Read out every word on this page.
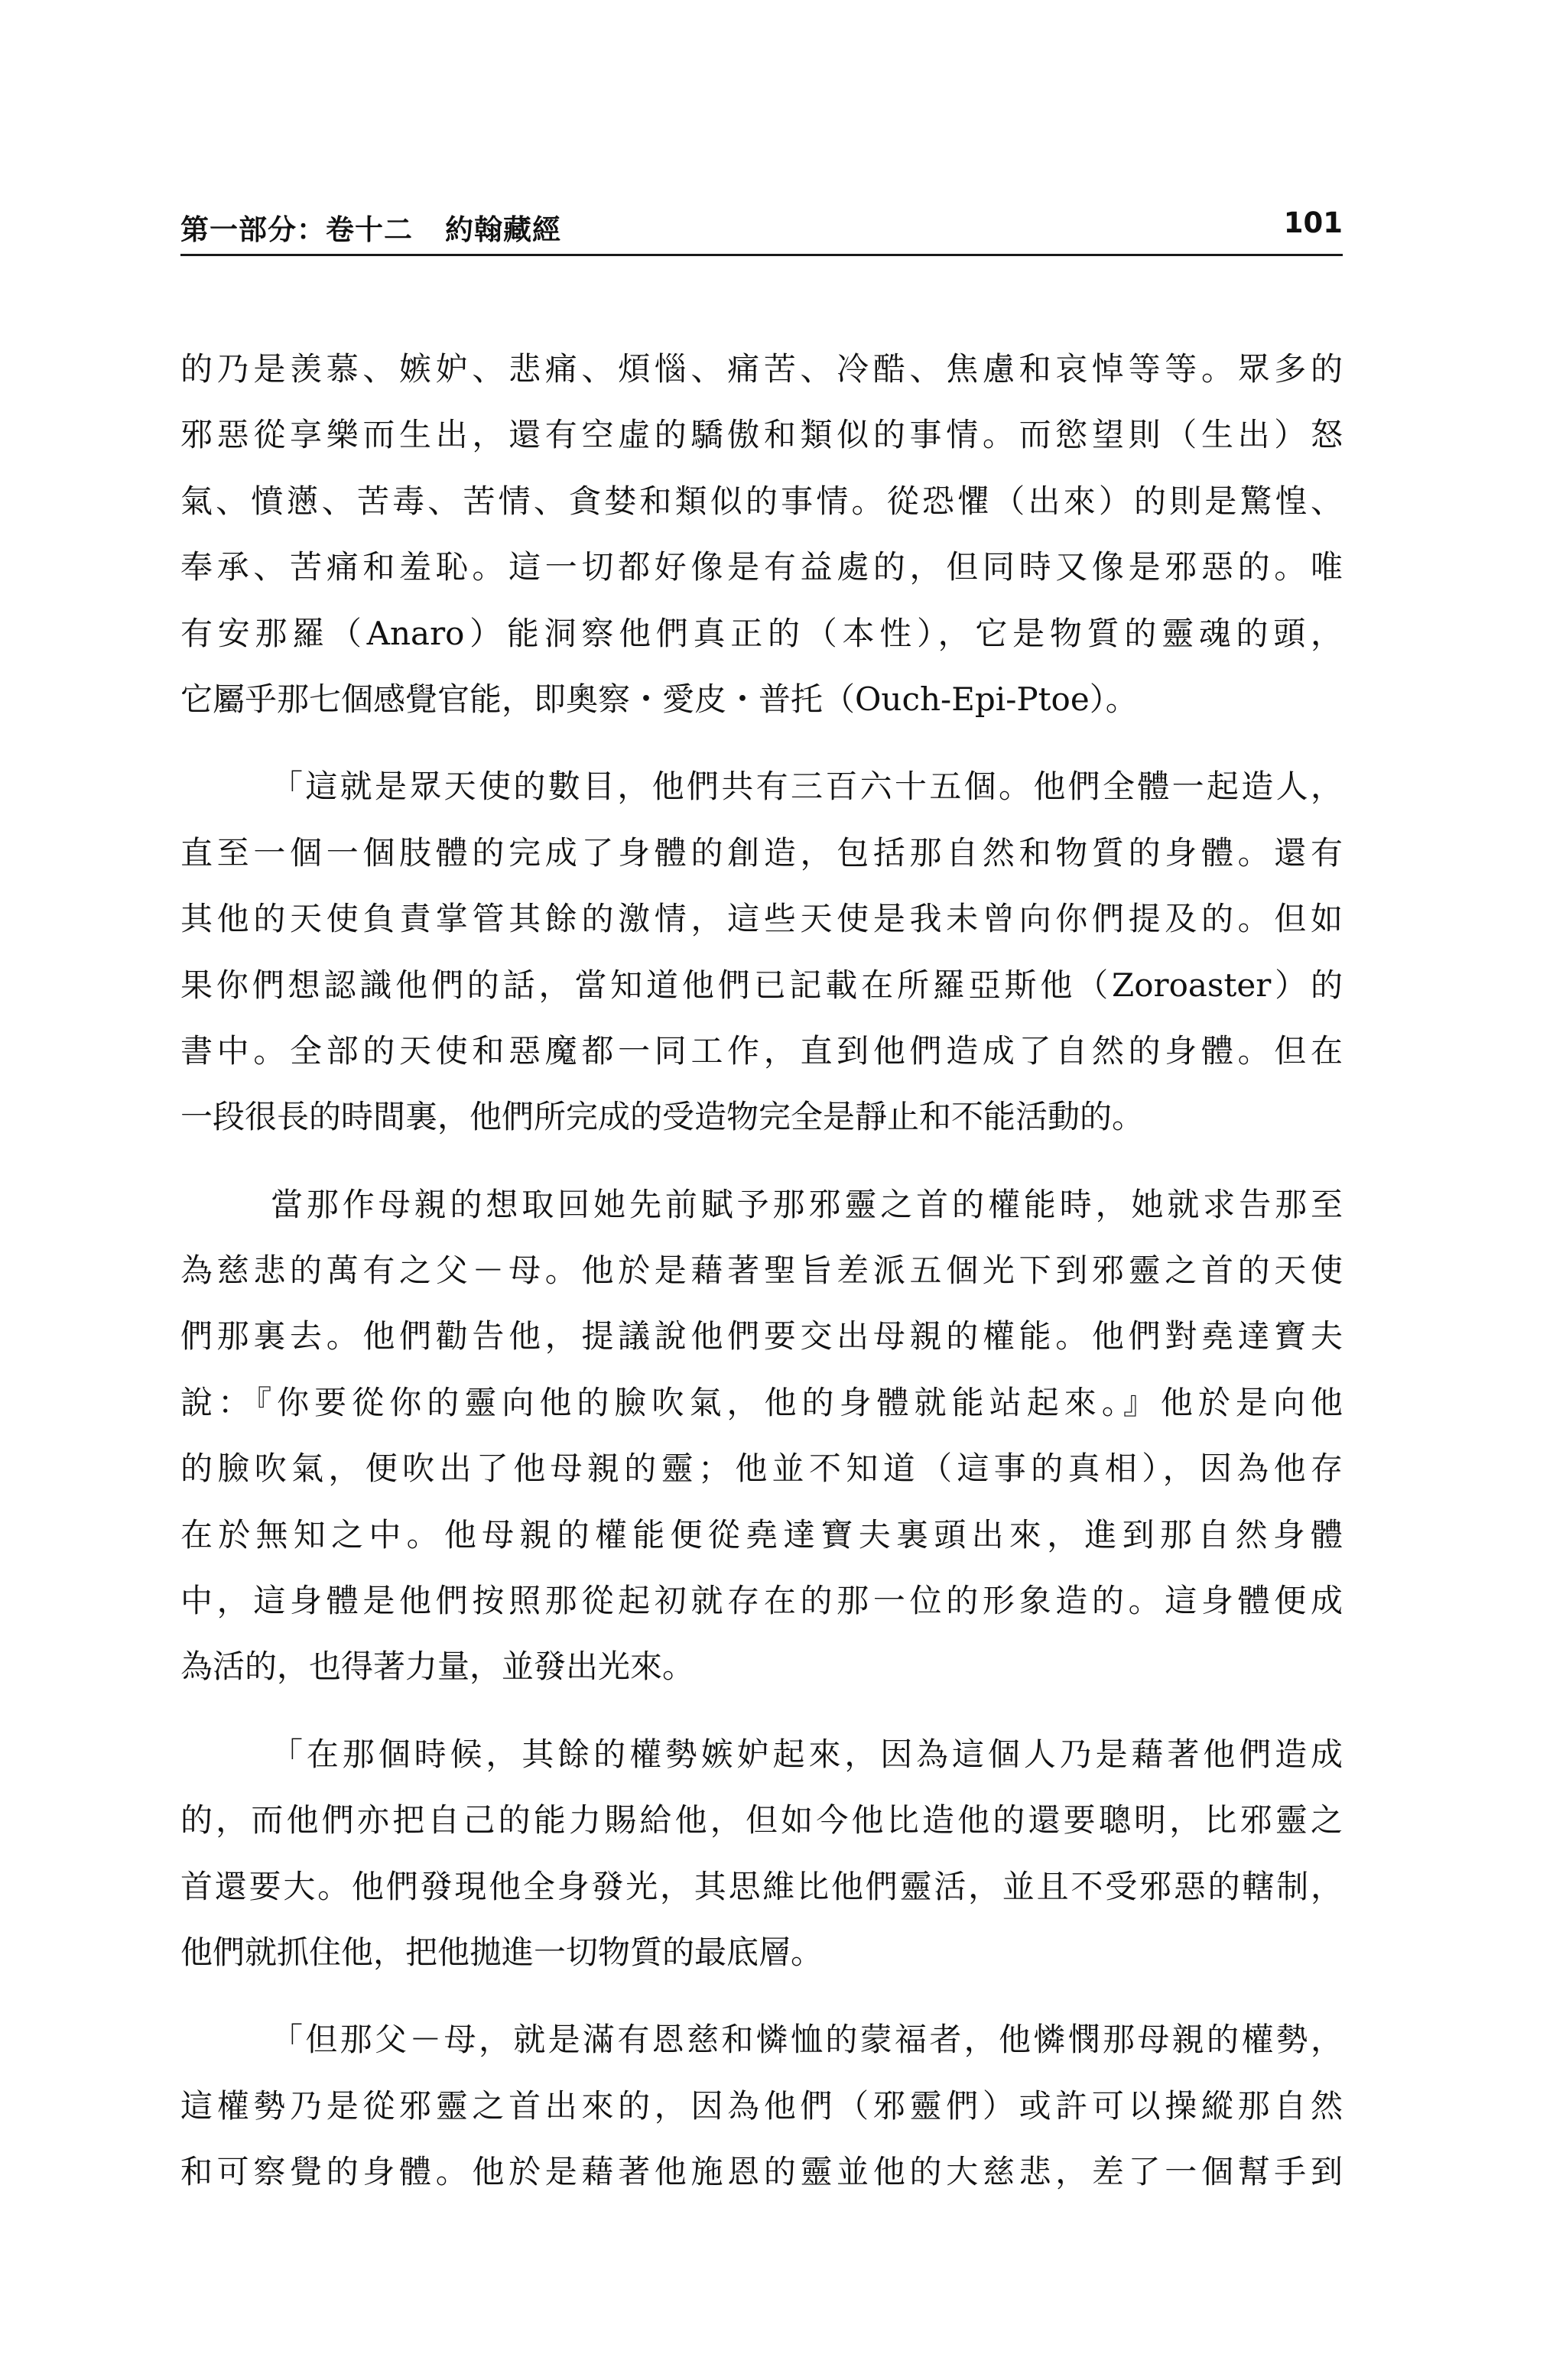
第一部分：卷十二 約翰藏經	101
的乃是羡慕、嫉妒、悲痛、煩惱、痛苦、冷酷、焦慮和哀悼等等。眾多的
邪惡從享樂而生出，還有空虛的驕傲和類似的事情。而慾望則（生出）怒
氣、憤懣、苦毒、苦情、貪婪和類似的事情。從恐懼（出來）的則是驚惶、
奉承、苦痛和羞恥。這一切都好像是有益處的，但同時又像是邪惡的。唯
有安那羅（Anaro）能洞察他們真正的（本性），它是物質的靈魂的頭，
它屬乎那七個感覺官能，即奧察・愛皮・普托（Ouch-Epi-Ptoe）。
「這就是眾天使的數目，他們共有三百六十五個。他們全體一起造人，
直至一個一個肢體的完成了身體的創造，包括那自然和物質的身體。還有
其他的天使負責掌管其餘的激情，這些天使是我未曾向你們提及的。但如
果你們想認識他們的話，當知道他們已記載在所羅亞斯他（Zoroaster）的
書中。全部的天使和惡魔都一同工作，直到他們造成了自然的身體。但在
一段很長的時間裏，他們所完成的受造物完全是靜止和不能活動的。
當那作母親的想取回她先前賦予那邪靈之首的權能時，她就求告那至
為慈悲的萬有之父－母。他於是藉著聖旨差派五個光下到邪靈之首的天使
們那裏去。他們勸告他，提議說他們要交出母親的權能。他們對堯達寶夫
說：『你要從你的靈向他的臉吹氣，他的身體就能站起來。』他於是向他
的臉吹氣，便吹出了他母親的靈；他並不知道（這事的真相），因為他存
在於無知之中。他母親的權能便從堯達寶夫裏頭出來，進到那自然身體
中，這身體是他們按照那從起初就存在的那一位的形象造的。這身體便成
為活的，也得著力量，並發出光來。
「在那個時候，其餘的權勢嫉妒起來，因為這個人乃是藉著他們造成
的，而他們亦把自己的能力賜給他，但如今他比造他的還要聰明，比邪靈之
首還要大。他們發現他全身發光，其思維比他們靈活，並且不受邪惡的轄制，
他們就抓住他，把他拋進一切物質的最底層。
「但那父－母，就是滿有恩慈和憐恤的蒙福者，他憐憫那母親的權勢，
這權勢乃是從邪靈之首出來的，因為他們（邪靈們）或許可以操縱那自然
和可察覺的身體。他於是藉著他施恩的靈並他的大慈悲，差了一個幫手到
